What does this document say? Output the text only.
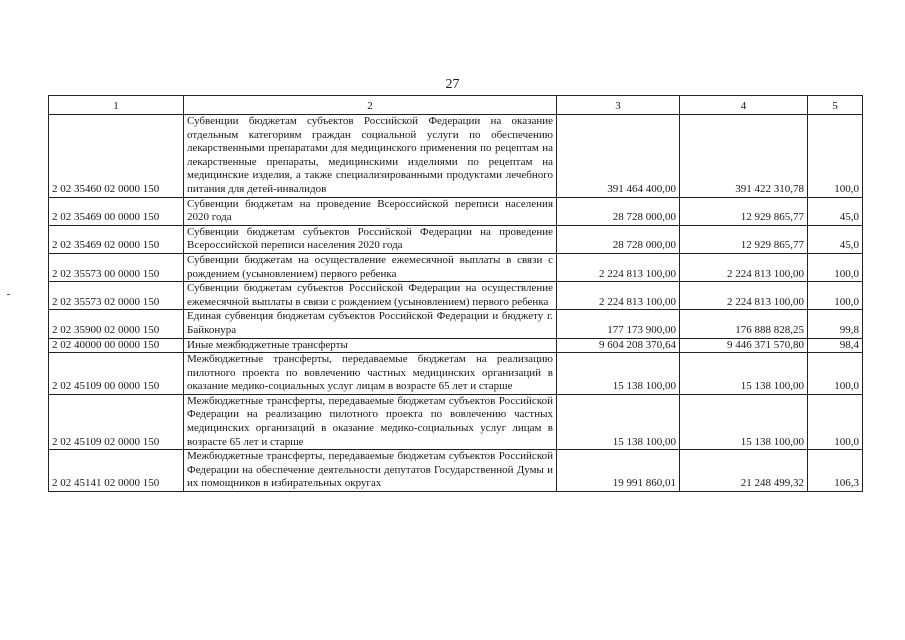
27
1	2	3	4	5
2 02 35460 02 0000 150	Субвенции бюджетам субъектов Российской Федерации на оказание отдельным категориям граждан социальной услуги по обеспечению лекарственными препаратами для медицинского применения по рецептам на лекарственные препараты, медицинскими изделиями по рецептам на медицинские изделия, а также специализированными продуктами лечебного питания для детей-инвалидов	391 464 400,00	391 422 310,78	100,0
2 02 35469 00 0000 150	Субвенции бюджетам на проведение Всероссийской переписи населения 2020 года	28 728 000,00	12 929 865,77	45,0
2 02 35469 02 0000 150	Субвенции бюджетам субъектов Российской Федерации на проведение Всероссийской переписи населения 2020 года	28 728 000,00	12 929 865,77	45,0
2 02 35573 00 0000 150	Субвенции бюджетам на осуществление ежемесячной выплаты в связи с рождением (усыновлением) первого ребенка	2 224 813 100,00	2 224 813 100,00	100,0
2 02 35573 02 0000 150	Субвенции бюджетам субъектов Российской Федерации на осуществление ежемесячной выплаты в связи с рождением (усыновлением) первого ребенка	2 224 813 100,00	2 224 813 100,00	100,0
2 02 35900 02 0000 150	Единая субвенция бюджетам субъектов Российской Федерации и бюджету г. Байконура	177 173 900,00	176 888 828,25	99,8
2 02 40000 00 0000 150	Иные межбюджетные трансферты	9 604 208 370,64	9 446 371 570,80	98,4
2 02 45109 00 0000 150	Межбюджетные трансферты, передаваемые бюджетам на реализацию пилотного проекта по вовлечению частных медицинских организаций в оказание медико-социальных услуг лицам в возрасте 65 лет и старше	15 138 100,00	15 138 100,00	100,0
2 02 45109 02 0000 150	Межбюджетные трансферты, передаваемые бюджетам субъектов Российской Федерации на реализацию пилотного проекта по вовлечению частных медицинских организаций в оказание медико-социальных услуг лицам в возрасте 65 лет и старше	15 138 100,00	15 138 100,00	100,0
2 02 45141 02 0000 150	Межбюджетные трансферты, передаваемые бюджетам субъектов Российской Федерации на обеспечение деятельности депутатов Государственной Думы и их помощников в избирательных округах	19 991 860,01	21 248 499,32	106,3
